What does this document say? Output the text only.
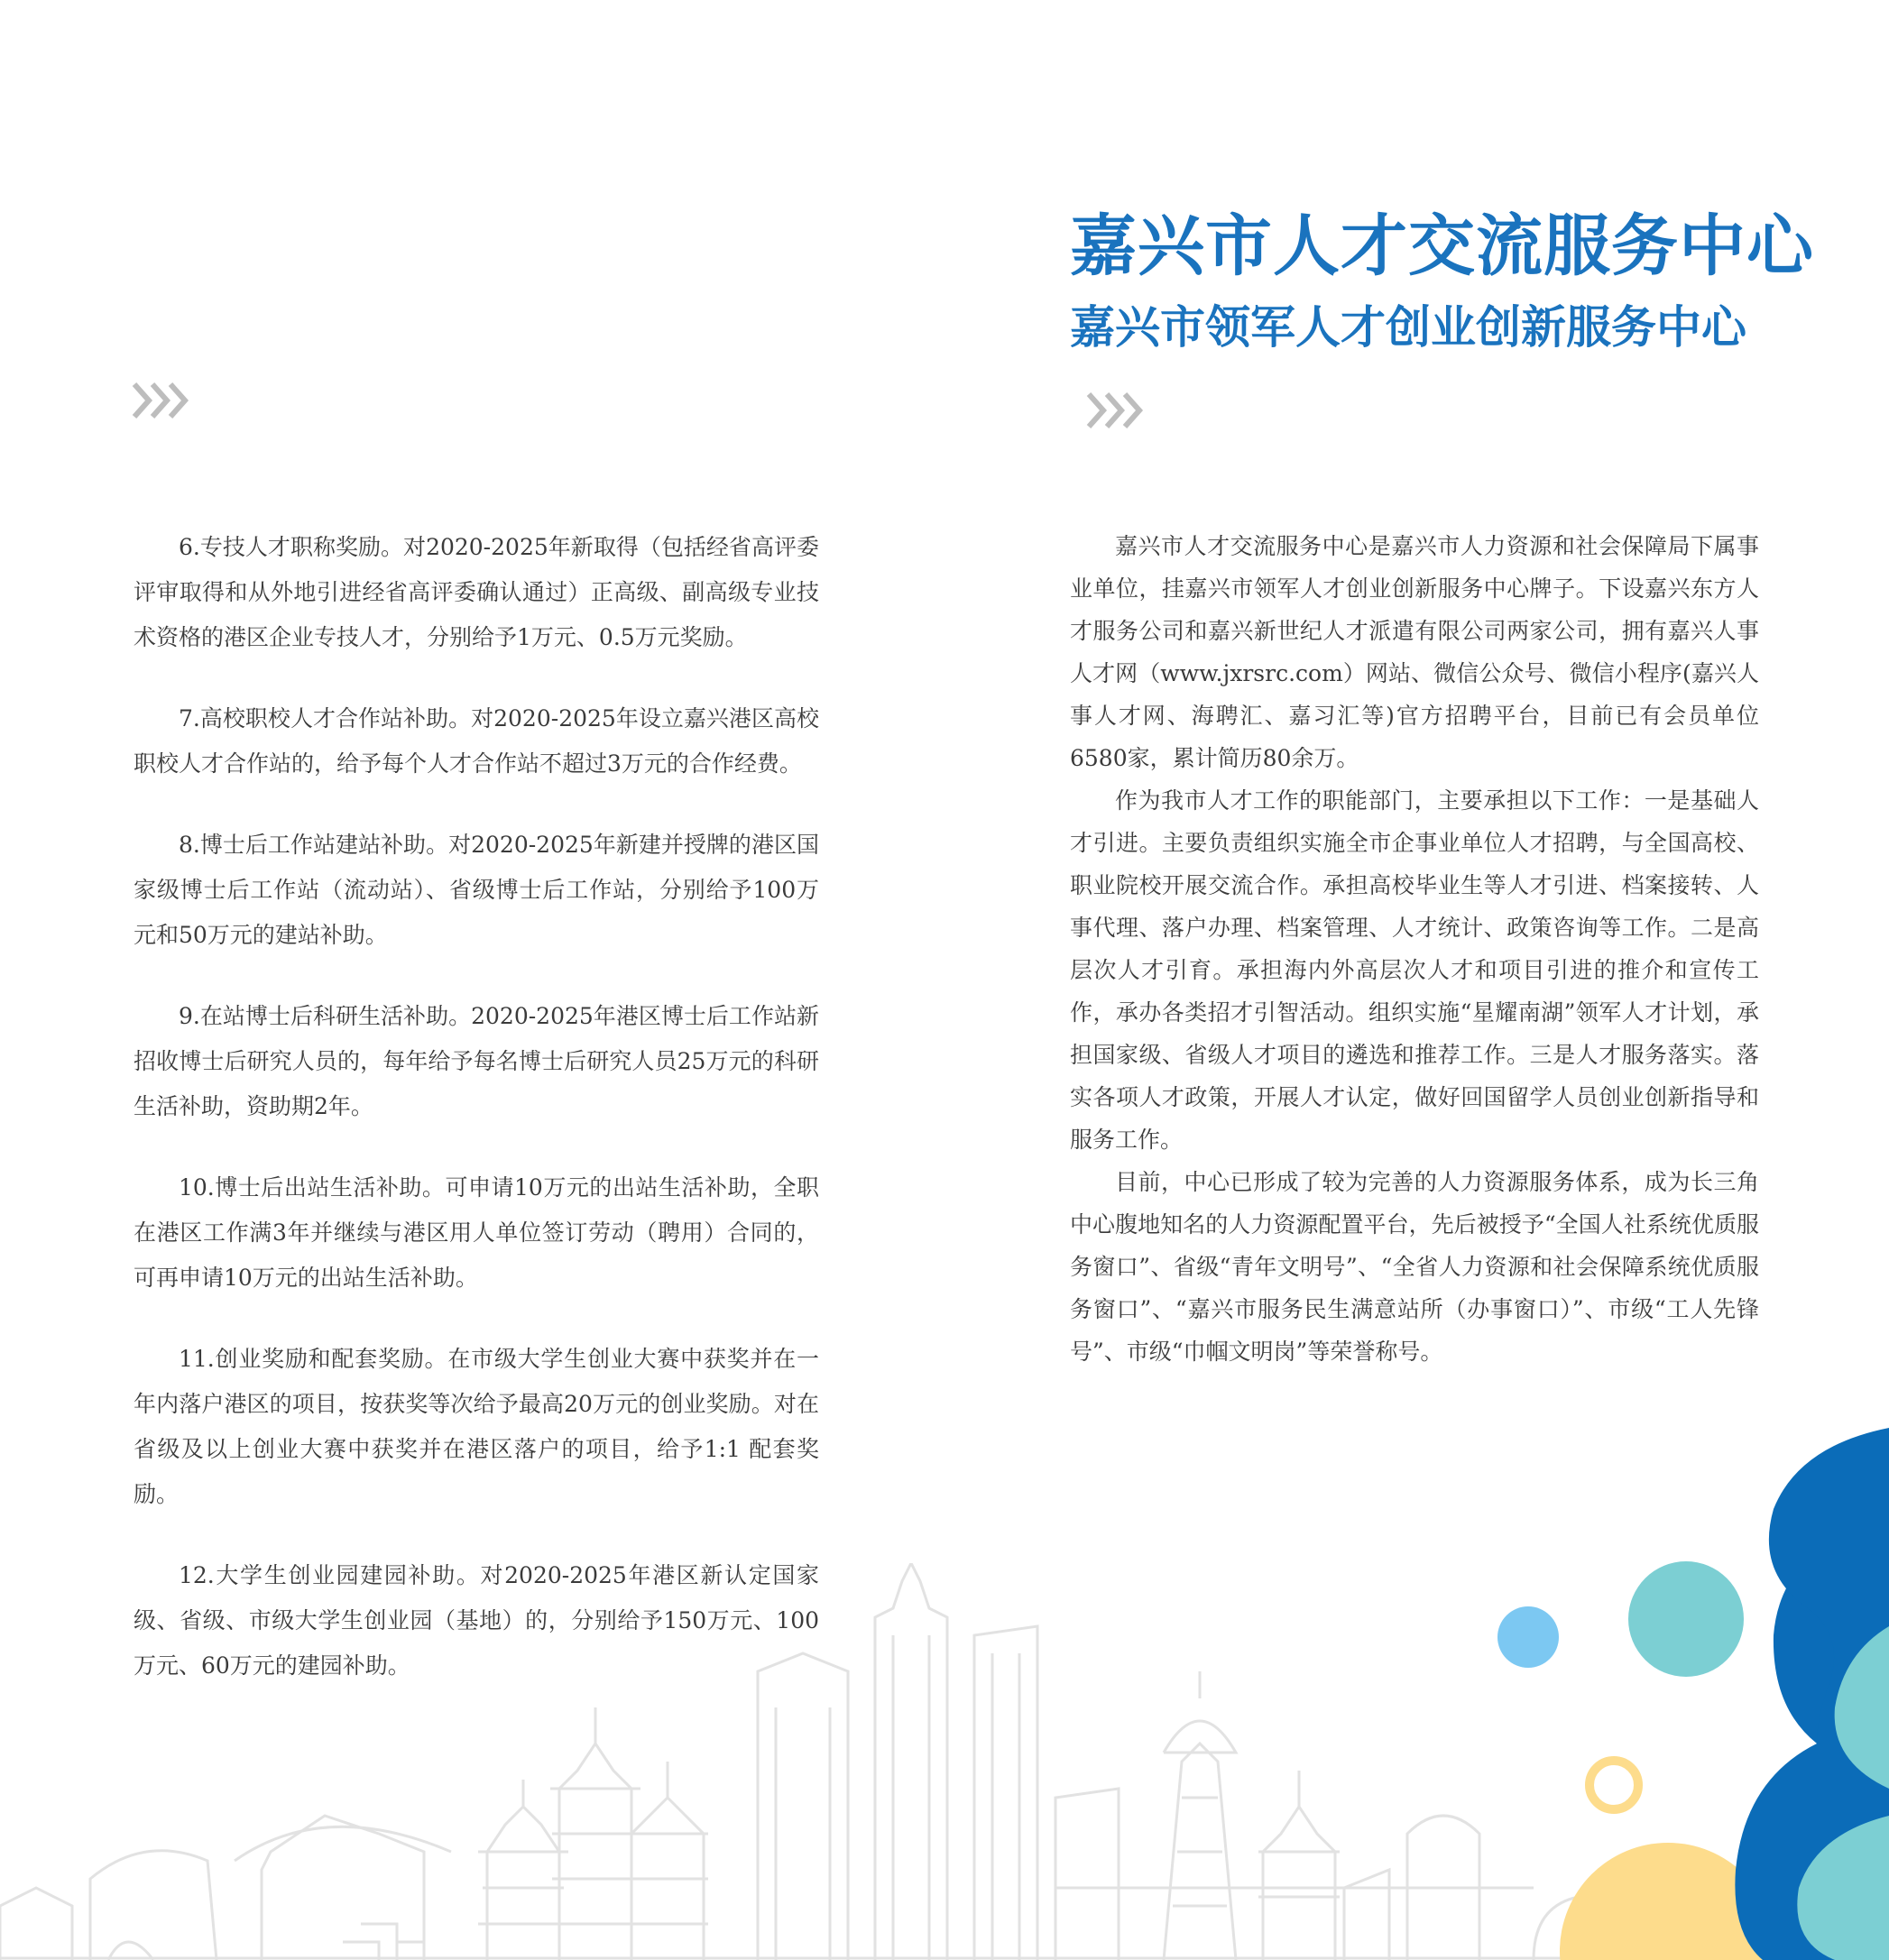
嘉兴市人才交流服务中心
嘉兴市领军人才创业创新服务中心

6.专技人才职称奖励。对2020-2025年新取得（包括经省高评委评审取得和从外地引进经省高评委确认通过）正高级、副高级专业技术资格的港区企业专技人才，分别给予1万元、0.5万元奖励。

7.高校职校人才合作站补助。对2020-2025年设立嘉兴港区高校职校人才合作站的，给予每个人才合作站不超过3万元的合作经费。

8.博士后工作站建站补助。对2020-2025年新建并授牌的港区国家级博士后工作站（流动站）、省级博士后工作站，分别给予100万元和50万元的建站补助。

9.在站博士后科研生活补助。2020-2025年港区博士后工作站新招收博士后研究人员的，每年给予每名博士后研究人员25万元的科研生活补助，资助期2年。

10.博士后出站生活补助。可申请10万元的出站生活补助，全职在港区工作满3年并继续与港区用人单位签订劳动（聘用）合同的，可再申请10万元的出站生活补助。

11.创业奖励和配套奖励。在市级大学生创业大赛中获奖并在一年内落户港区的项目，按获奖等次给予最高20万元的创业奖励。对在省级及以上创业大赛中获奖并在港区落户的项目，给予1:1 配套奖励。

12.大学生创业园建园补助。对2020-2025年港区新认定国家级、省级、市级大学生创业园（基地）的，分别给予150万元、100万元、60万元的建园补助。

嘉兴市人才交流服务中心是嘉兴市人力资源和社会保障局下属事业单位，挂嘉兴市领军人才创业创新服务中心牌子。下设嘉兴东方人才服务公司和嘉兴新世纪人才派遣有限公司两家公司，拥有嘉兴人事人才网（www.jxrsrc.com）网站、微信公众号、微信小程序(嘉兴人事人才网、海聘汇、嘉习汇等)官方招聘平台，目前已有会员单位6580家，累计简历80余万。

作为我市人才工作的职能部门，主要承担以下工作：一是基础人才引进。主要负责组织实施全市企事业单位人才招聘，与全国高校、职业院校开展交流合作。承担高校毕业生等人才引进、档案接转、人事代理、落户办理、档案管理、人才统计、政策咨询等工作。二是高层次人才引育。承担海内外高层次人才和项目引进的推介和宣传工作，承办各类招才引智活动。组织实施“星耀南湖”领军人才计划，承担国家级、省级人才项目的遴选和推荐工作。三是人才服务落实。落实各项人才政策，开展人才认定，做好回国留学人员创业创新指导和服务工作。

目前，中心已形成了较为完善的人力资源服务体系，成为长三角中心腹地知名的人力资源配置平台，先后被授予“全国人社系统优质服务窗口”、省级“青年文明号”、“全省人力资源和社会保障系统优质服务窗口”、“嘉兴市服务民生满意站所（办事窗口）”、市级“工人先锋号”、市级“巾帼文明岗”等荣誉称号。
